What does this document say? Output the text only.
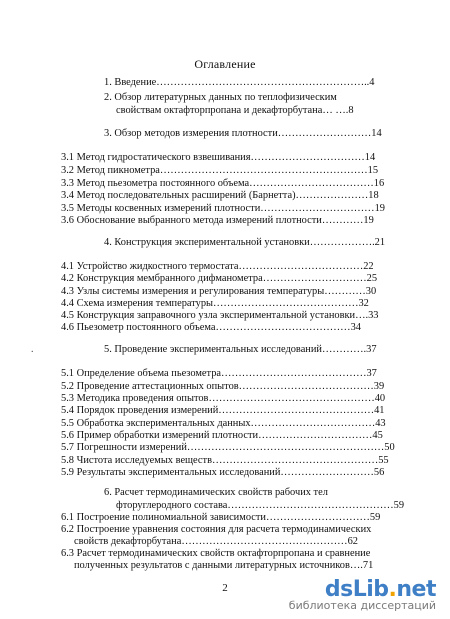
Оглавление
1. Введение……………………………………………………..4
2. Обзор литературных данных по теплофизическим
свойствам октафторпропана и декафторбутана… ….8
3. Обзор методов измерения плотности………………………14
3.1 Метод гидростатического взвешивания……………………………14
3.2 Метод пикнометра……………………………………………………15
3.3 Метод пьезометра постоянного объема………………………………16
3.4 Метод последовательных расширений (Барнетта)…………………18
3.5 Методы косвенных измерений плотности……………………………19
3.6 Обоснование выбранного метода измерений плотности…………19
4. Конструкция экспериментальной установки……………….21
4.1 Устройство жидкостного термостата………………………………22
4.2 Конструкция мембранного дифманометра…………………………25
4.3 Узлы системы измерения и регулирования температуры…………30
4.4 Схема измерения температуры……………………………………32
4.5 Конструкция заправочного узла экспериментальной установки….33
4.6 Пьезометр постоянного объема…………………………………34
.	5. Проведение экспериментальных исследований………….37
5.1 Определение объема пьезометра……………………………………37
5.2 Проведение аттестационных опытов…………………………………39
5.3 Методика проведения опытов…………………………………………40
5.4 Порядок проведения измерений………………………………………41
5.5 Обработка экспериментальных данных………………………………43
5.6 Пример обработки измерений плотности……………………………45
5.7 Погрешности измерений…………………………………………………50
5.8 Чистота исследуемых веществ…………………………………………55
5.9 Результаты экспериментальных исследований………………………56
6. Расчет термодинамических свойств рабочих тел
фторуглеродного состава…………………………………………59
6.1 Построение полиномиальной зависимости…………………………59
6.2 Построение уравнения состояния для расчета термодинамических
свойств декафторбутана…………………………………………62
6.3 Расчет термодинамических свойств октафторпропана и сравнение
полученных результатов с данными литературных источников….71
2	dsLib.net
библиотека диссертаций
